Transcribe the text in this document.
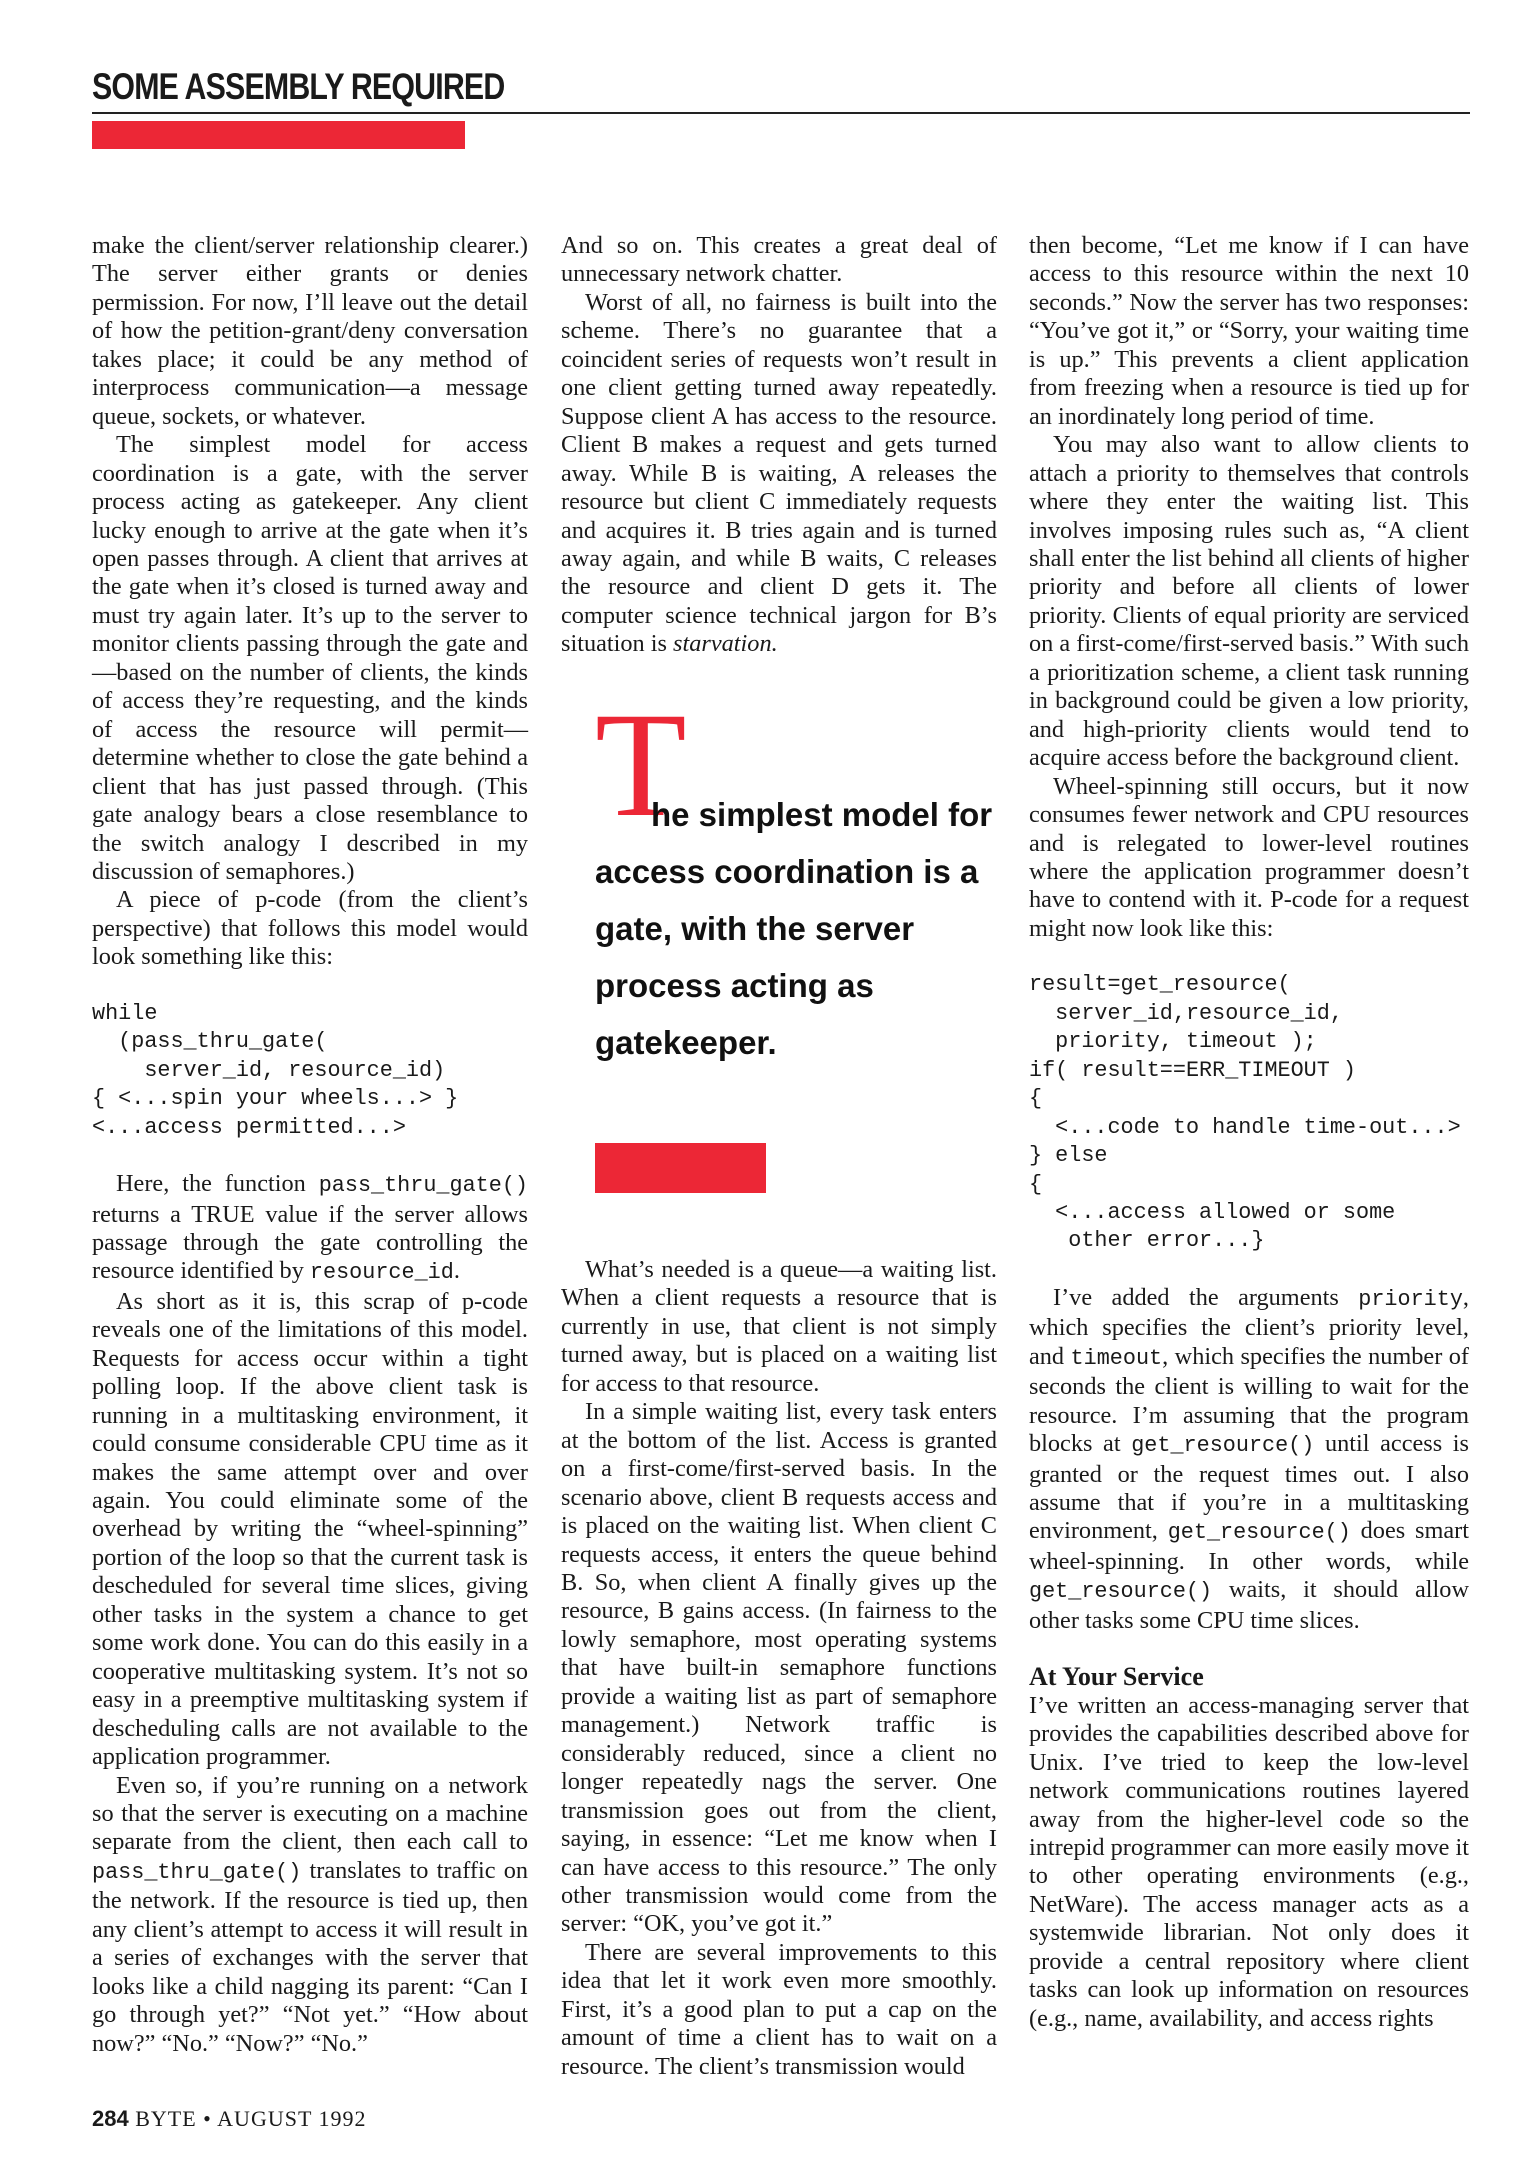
SOME ASSEMBLY REQUIRED

make the client/server relationship clearer.) The server either grants or denies permission. For now, I’ll leave out the detail of how the petition-grant/deny conversation takes place; it could be any method of interprocess communication—a message queue, sockets, or whatever.

The simplest model for access coordination is a gate, with the server process acting as gatekeeper. Any client lucky enough to arrive at the gate when it’s open passes through. A client that arrives at the gate when it’s closed is turned away and must try again later. It’s up to the server to monitor clients passing through the gate and—based on the number of clients, the kinds of access they’re requesting, and the kinds of access the resource will permit—determine whether to close the gate behind a client that has just passed through. (This gate analogy bears a close resemblance to the switch analogy I described in my discussion of semaphores.)

A piece of p-code (from the client’s perspective) that follows this model would look something like this:

while
(pass_thru_gate(
server_id, resource_id)
{ <...spin your wheels...> }
<...access permitted...>

Here, the function pass_thru_gate() returns a TRUE value if the server allows passage through the gate controlling the resource identified by resource_id.

As short as it is, this scrap of p-code reveals one of the limitations of this model. Requests for access occur within a tight polling loop. If the above client task is running in a multitasking environment, it could consume considerable CPU time as it makes the same attempt over and over again. You could eliminate some of the overhead by writing the “wheel-spinning” portion of the loop so that the current task is descheduled for several time slices, giving other tasks in the system a chance to get some work done. You can do this easily in a cooperative multitasking system. It’s not so easy in a preemptive multitasking system if descheduling calls are not available to the application programmer.

Even so, if you’re running on a network so that the server is executing on a machine separate from the client, then each call to pass_thru_gate() translates to traffic on the network. If the resource is tied up, then any client’s attempt to access it will result in a series of exchanges with the server that looks like a child nagging its parent: “Can I go through yet?” “Not yet.” “How about now?” “No.” “Now?” “No.”

And so on. This creates a great deal of unnecessary network chatter.

Worst of all, no fairness is built into the scheme. There’s no guarantee that a coincident series of requests won’t result in one client getting turned away repeatedly. Suppose client A has access to the resource. Client B makes a request and gets turned away. While B is waiting, A releases the resource but client C immediately requests and acquires it. B tries again and is turned away again, and while B waits, C releases the resource and client D gets it. The computer science technical jargon for B’s situation is starvation.

T
he simplest model for access coordination is a gate, with the server process acting as gatekeeper.

What’s needed is a queue—a waiting list. When a client requests a resource that is currently in use, that client is not simply turned away, but is placed on a waiting list for access to that resource.

In a simple waiting list, every task enters at the bottom of the list. Access is granted on a first-come/first-served basis. In the scenario above, client B requests access and is placed on the waiting list. When client C requests access, it enters the queue behind B. So, when client A finally gives up the resource, B gains access. (In fairness to the lowly semaphore, most operating systems that have built-in semaphore functions provide a waiting list as part of semaphore management.) Network traffic is considerably reduced, since a client no longer repeatedly nags the server. One transmission goes out from the client, saying, in essence: “Let me know when I can have access to this resource.” The only other transmission would come from the server: “OK, you’ve got it.”

There are several improvements to this idea that let it work even more smoothly. First, it’s a good plan to put a cap on the amount of time a client has to wait on a resource. The client’s transmission would

then become, “Let me know if I can have access to this resource within the next 10 seconds.” Now the server has two responses: “You’ve got it,” or “Sorry, your waiting time is up.” This prevents a client application from freezing when a resource is tied up for an inordinately long period of time.

You may also want to allow clients to attach a priority to themselves that controls where they enter the waiting list. This involves imposing rules such as, “A client shall enter the list behind all clients of higher priority and before all clients of lower priority. Clients of equal priority are serviced on a first-come/first-served basis.” With such a prioritization scheme, a client task running in background could be given a low priority, and high-priority clients would tend to acquire access before the background client.

Wheel-spinning still occurs, but it now consumes fewer network and CPU resources and is relegated to lower-level routines where the application programmer doesn’t have to contend with it. P-code for a request might now look like this:

result=get_resource(
server_id,resource_id,
priority, timeout );
if( result==ERR_TIMEOUT )
{
<...code to handle time-out...>
} else
{
<...access allowed or some
other error...}

I’ve added the arguments priority, which specifies the client’s priority level, and timeout, which specifies the number of seconds the client is willing to wait for the resource. I’m assuming that the program blocks at get_resource() until access is granted or the request times out. I also assume that if you’re in a multitasking environment, get_resource() does smart wheel-spinning. In other words, while get_resource() waits, it should allow other tasks some CPU time slices.

At Your Service

I’ve written an access-managing server that provides the capabilities described above for Unix. I’ve tried to keep the low-level network communications routines layered away from the higher-level code so the intrepid programmer can more easily move it to other operating environments (e.g., NetWare). The access manager acts as a systemwide librarian. Not only does it provide a central repository where client tasks can look up information on resources (e.g., name, availability, and access rights

284 BYTE • AUGUST 1992
